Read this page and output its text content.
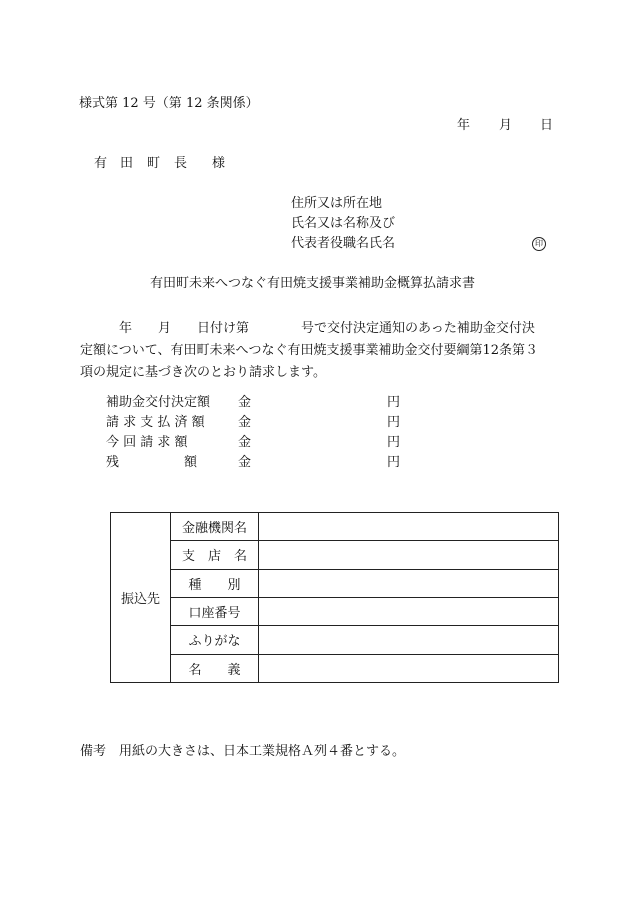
様式第 12 号（第 12 条関係）
年 月 日
有 田 町 長 様
住所又は所在地
氏名又は名称及び
代表者役職名氏名	印
有田町未来へつなぐ有田焼支援事業補助金概算払請求書
　　　年　　月　　日付け第　　　　号で交付決定通知のあった補助金交付決
定額について、有田町未来へつなぐ有田焼支援事業補助金交付要綱第12条第３
項の規定に基づき次のとおり請求します。
補助金交付決定額 金	円
請 求 支 払 済 額	金	円
今 回 請 求 額	金	円
残　　　　　額	金	円
振込先	金融機関名	
	支　店　名	
	種　　別	
	口座番号	
	ふりがな	
	名　　義	
備考　用紙の大きさは、日本工業規格Ａ列４番とする。
